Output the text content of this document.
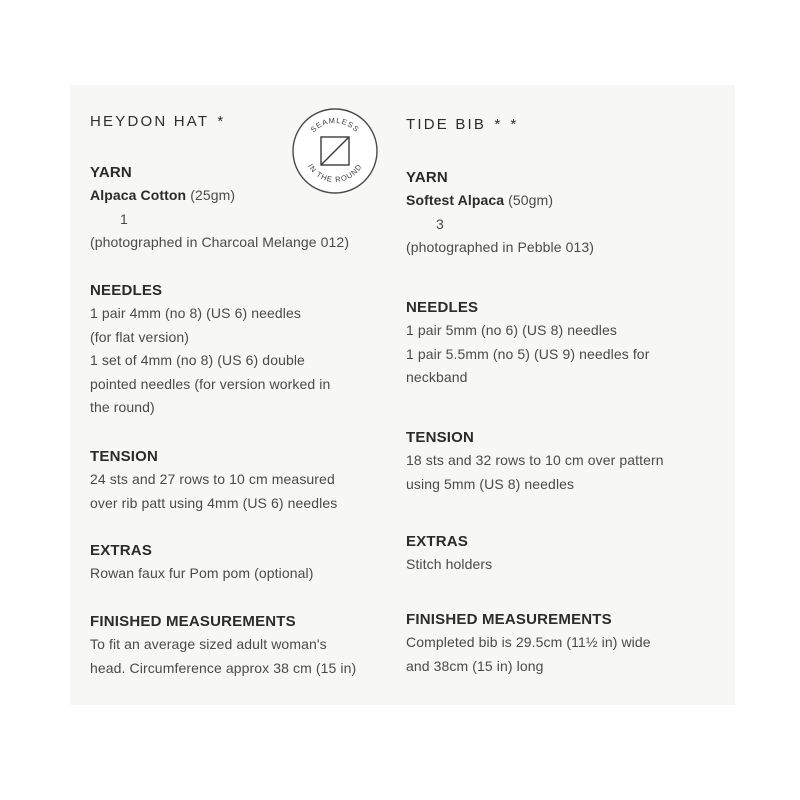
HEYDON HAT *
YARN
Alpaca Cotton (25gm)
1
(photographed in Charcoal Melange 012)
NEEDLES
1 pair 4mm (no 8) (US 6) needles
(for flat version)
1 set of 4mm (no 8) (US 6) double
pointed needles (for version worked in
the round)
TENSION
24 sts and 27 rows to 10 cm measured
over rib patt using 4mm (US 6) needles
EXTRAS
Rowan faux fur Pom pom (optional)
FINISHED MEASUREMENTS
To fit an average sized adult woman's
head. Circumference approx 38 cm (15 in)
SEAMLESS
IN THE ROUND
TIDE BIB * *
YARN
Softest Alpaca (50gm)
3
(photographed in Pebble 013)
NEEDLES
1 pair 5mm (no 6) (US 8) needles
1 pair 5.5mm (no 5) (US 9) needles for
neckband
TENSION
18 sts and 32 rows to 10 cm over pattern
using 5mm (US 8) needles
EXTRAS
Stitch holders
FINISHED MEASUREMENTS
Completed bib is 29.5cm (11½ in) wide
and 38cm (15 in) long
